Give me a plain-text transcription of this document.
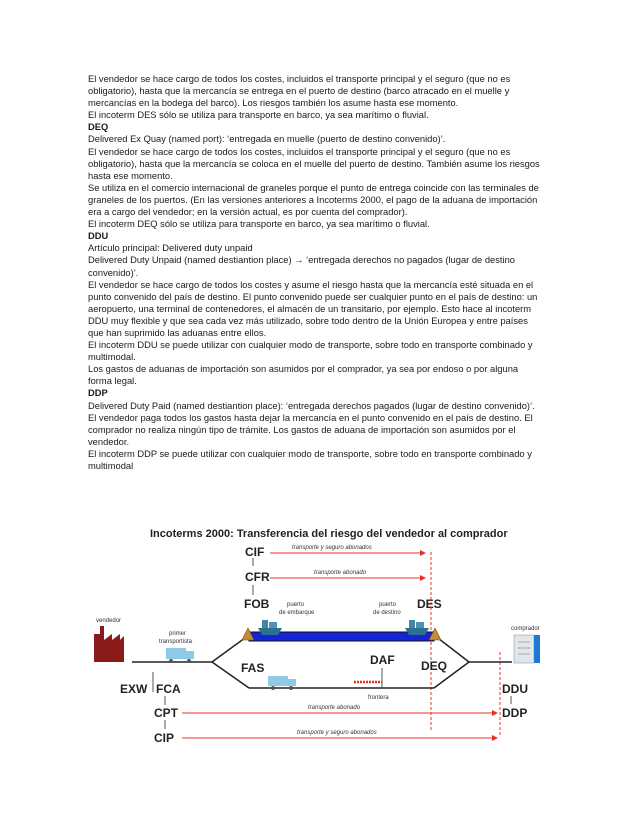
El vendedor se hace cargo de todos los costes, incluidos el transporte principal y el seguro (que no es

obligatorio), hasta que la mercancía se entrega en el puerto de destino (barco atracado en el muelle y

mercancías en la bodega del barco). Los riesgos también los asume hasta ese momento.

El incoterm DES sólo se utiliza para transporte en barco, ya sea marítimo o fluvial.

DEQ

Delivered Ex Quay (named port): ‘entregada en muelle (puerto de destino convenido)’.

El vendedor se hace cargo de todos los costes, incluidos el transporte principal y el seguro (que no es

obligatorio), hasta que la mercancía se coloca en el muelle del puerto de destino. También asume los riesgos

hasta ese momento.

Se utiliza en el comercio internacional de graneles porque el punto de entrega coincide con las terminales de

graneles de los puertos. (En las versiones anteriores a Incoterms 2000, el pago de la aduana de importación

era a cargo del vendedor; en la versión actual, es por cuenta del comprador).

El incoterm DEQ sólo se utiliza para transporte en barco, ya sea marítimo o fluvial.

DDU

Artículo principal: Delivered duty unpaid

Delivered Duty Unpaid (named destiantion place) → ‘entregada derechos no pagados (lugar de destino

convenido)’.

El vendedor se hace cargo de todos los costes y asume el riesgo hasta que la mercancía esté situada en el

punto convenido del país de destino. El punto convenido puede ser cualquier punto en el país de destino: un

aeropuerto, una terminal de contenedores, el almacén de un transitario, por ejemplo. Esto hace al incoterm

DDU muy flexible y que sea cada vez más utilizado, sobre todo dentro de la Unión Europea y entre países

que han suprimido las aduanas entre ellos.

El incoterm DDU se puede utilizar con cualquier modo de transporte, sobre todo en transporte combinado y

multimodal.

Los gastos de aduanas de importación son asumidos por el comprador, ya sea por endoso o por alguna

forma legal.

DDP

Delivered Duty Paid (named destiantion place): ‘entregada derechos pagados (lugar de destino convenido)’.

El vendedor paga todos los gastos hasta dejar la mercancía en el punto convenido en el país de destino. El

comprador no realiza ningún tipo de trámite. Los gastos de aduana de importación son asumidos por el

vendedor.

El incoterm DDP se puede utilizar con cualquier modo de transporte, sobre todo en transporte combinado y

multimodal

Incoterms 2000: Transferencia del riesgo del vendedor al comprador
CIF	transporte y seguro abonados
CFR	transporte abonado
FOB	DES
puerto
de embarque
puerto
de destino
vendedor
primer
transportista
comprador
FAS
DAF DEQ
frontera
EXW FCA	DDU
CPT	transporte abonado	DDP
CIP	transporte y seguro abonados
